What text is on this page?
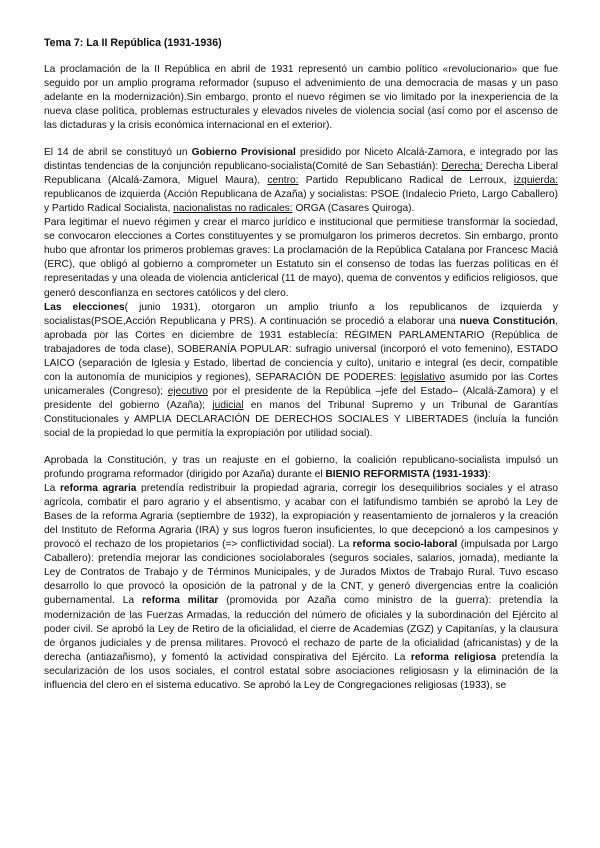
Tema 7: La II República (1931-1936)

La proclamación de la II República en abril de 1931 representó un cambio político «revolucionario» que fue seguido por un amplio programa reformador (supuso el advenimiento de una democracia de masas y un paso adelante en la modernización).Sin embargo, pronto el nuevo régimen se vio limitado por la inexperiencia de la nueva clase política, problemas estructurales y elevados niveles de violencia social (así como por el ascenso de las dictaduras y la crisis económica internacional en el exterior).

El 14 de abril se constituyó un Gobierno Provisional presidido por Niceto Alcalá-Zamora, e integrado por las distintas tendencias de la conjunción republicano-socialista(Comité de San Sebastián): Derecha: Derecha Liberal Republicana (Alcalá-Zamora, Miguel Maura), centro: Partido Republicano Radical de Lerroux, izquierda: republicanos de izquierda (Acción Republicana de Azaña) y socialistas: PSOE (Indalecio Prieto, Largo Caballero) y Partido Radical Socialista, nacionalistas no radicales: ORGA (Casares Quiroga).

Para legitimar el nuevo régimen y crear el marco jurídico e institucional que permitiese transformar la sociedad, se convocaron elecciones a Cortes constituyentes y se promulgaron los primeros decretos. Sin embargo, pronto hubo que afrontar los primeros problemas graves: La proclamación de la República Catalana por Francesc Maciá (ERC), que obligó al gobierno a comprometer un Estatuto sin el consenso de todas las fuerzas políticas en él representadas y una oleada de violencia anticlerical (11 de mayo), quema de conventos y edificios religiosos, que generó desconfianza en sectores católicos y del clero.

Las elecciones( junio 1931), otorgaron un amplio triunfo a los republicanos de izquierda y socialistas(PSOE,Acción Republicana y PRS). A continuación se procedió a elaborar una nueva Constitución, aprobada por las Cortes en diciembre de 1931 establecía: RÉGIMEN PARLAMENTARIO (República de trabajadores de toda clase), SOBERANÍA POPULAR: sufragio universal (incorporó el voto femenino), ESTADO LAICO (separación de Iglesia y Estado, libertad de conciencia y culto), unitario e integral (es decir, compatible con la autonomía de municipios y regiones), SEPARACIÓN DE PODERES: legislativo asumido por las Cortes unicamerales (Congreso); ejecutivo por el presidente de la República –jefe del Estado– (Alcalá-Zamora) y el presidente del gobierno (Azaña); judicial en manos del Tribunal Supremo y un Tribunal de Garantías Constitucionales y AMPLIA DECLARACIÓN DE DERECHOS SOCIALES Y LIBERTADES (incluía la función social de la propiedad lo que permitía la expropiación por utilidad social).

Aprobada la Constitución, y tras un reajuste en el gobierno, la coalición republicano-socialista impulsó un profundo programa reformador (dirigido por Azaña) durante el BIENIO REFORMISTA (1931-1933):

La reforma agraria pretendía redistribuir la propiedad agraria, corregir los desequilibrios sociales y el atraso agrícola, combatir el paro agrario y el absentismo, y acabar con el latifundismo también se aprobó la Ley de Bases de la reforma Agraria (septiembre de 1932), la expropiación y reasentamiento de jornaleros y la creación del Instituto de Reforma Agraria (IRA) y sus logros fueron insuficientes, lo que decepcionó a los campesinos y provocó el rechazo de los propietarios (=> conflictividad social). La reforma socio-laboral (impulsada por Largo Caballero): pretendía mejorar las condiciones sociolaborales (seguros sociales, salarios, jornada), mediante la Ley de Contratos de Trabajo y de Términos Municipales, y de Jurados Mixtos de Trabajo Rural. Tuvo escaso desarrollo lo que provocó la oposición de la patronal y de la CNT, y generó divergencias entre la coalición gubernamental. La reforma militar (promovida por Azaña como ministro de la guerra): pretendía la modernización de las Fuerzas Armadas, la reducción del número de oficiales y la subordinación del Ejército al poder civil. Se aprobó la Ley de Retiro de la oficialidad, el cierre de Academias (ZGZ) y Capitanías, y la clausura de órganos judiciales y de prensa militares. Provocó el rechazo de parte de la oficialidad (africanistas) y de la derecha (antiazañismo), y fomentó la actividad conspirativa del Ejército. La reforma religiosa pretendía la secularización de los usos sociales, el control estatal sobre asociaciones religiosasn y la eliminación de la influencia del clero en el sistema educativo. Se aprobó la Ley de Congregaciones religiosas (1933), se
